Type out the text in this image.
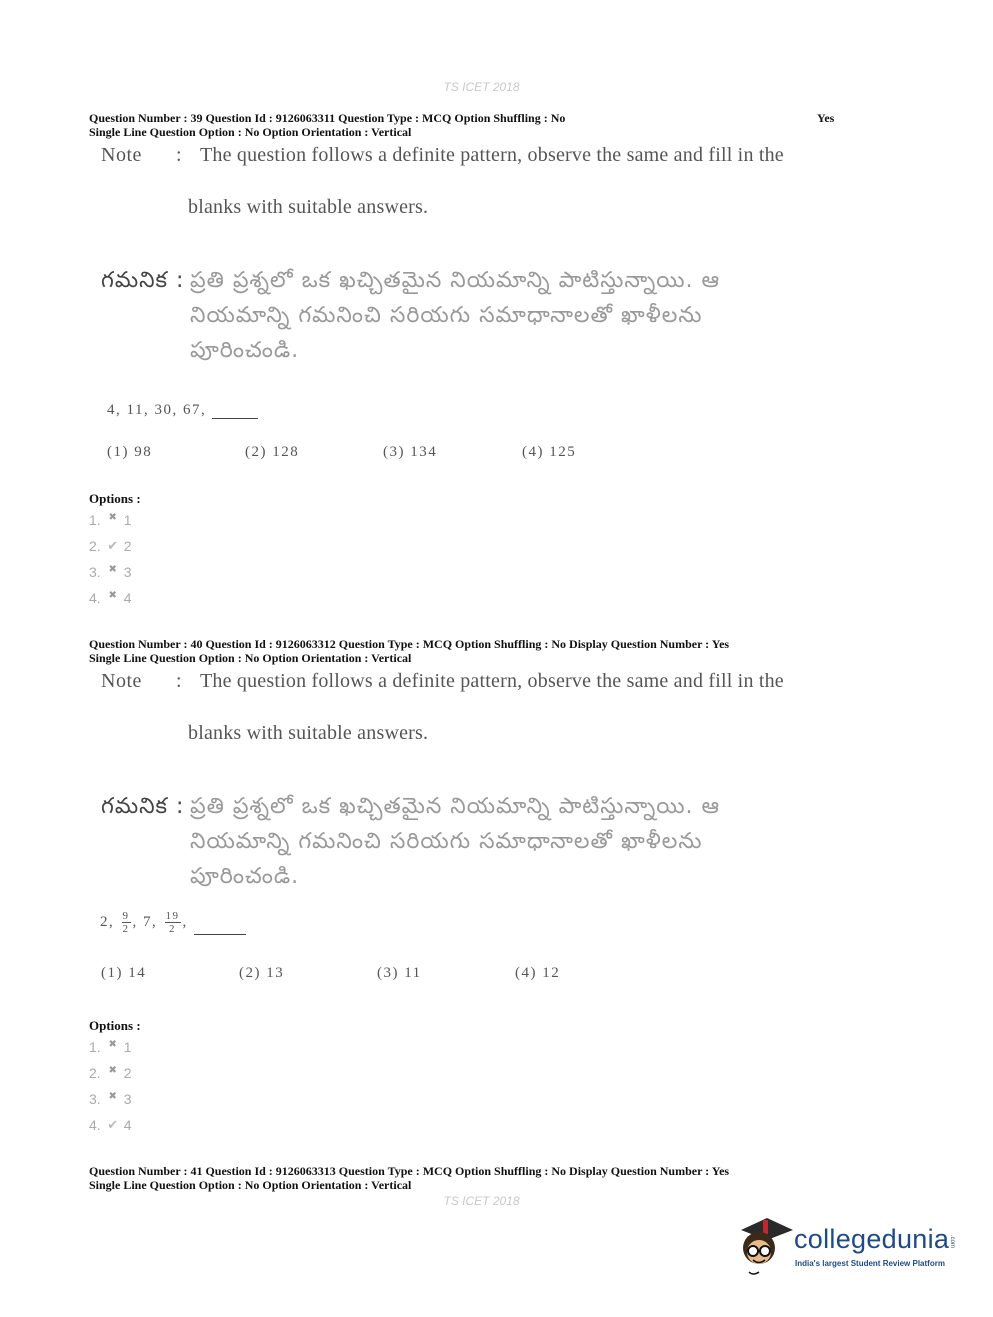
TS ICET 2018
Question Number : 39 Question Id : 9126063311 Question Type : MCQ Option Shuffling : No
Single Line Question Option : No Option Orientation : Vertical
Yes
Note : The question follows a definite pattern, observe the same and fill in the
blanks with suitable answers.
గమనిక : ప్రతి ప్రశ్నలో ఒక ఖచ్చితమైన నియమాన్ని పాటిస్తున్నాయి. ఆ
నియమాన్ని గమనించి సరియగు సమాధానాలతో ఖాళీలను
పూరించండి.
4, 11, 30, 67,
(1) 98	(2) 128	(3) 134	(4) 125
Options :
1. ✖ 1
2. ✔ 2
3. ✖ 3
4. ✖ 4
Question Number : 40 Question Id : 9126063312 Question Type : MCQ Option Shuffling : No Display Question Number : Yes
Single Line Question Option : No Option Orientation : Vertical
Note : The question follows a definite pattern, observe the same and fill in the
blanks with suitable answers.
గమనిక : ప్రతి ప్రశ్నలో ఒక ఖచ్చితమైన నియమాన్ని పాటిస్తున్నాయి. ఆ
నియమాన్ని గమనించి సరియగు సమాధానాలతో ఖాళీలను
పూరించండి.
2, $\frac{9}{2}$ , 7, $\frac{19}{2}$ ,
(1) 14	(2) 13	(3) 11	(4) 12
Options :
1. ✖ 1
2. ✖ 2
3. ✖ 3
4. ✔ 4
Question Number : 41 Question Id : 9126063313 Question Type : MCQ Option Shuffling : No Display Question Number : Yes
Single Line Question Option : No Option Orientation : Vertical
TS ICET 2018
collegedunia.com
India's largest Student Review Platform
